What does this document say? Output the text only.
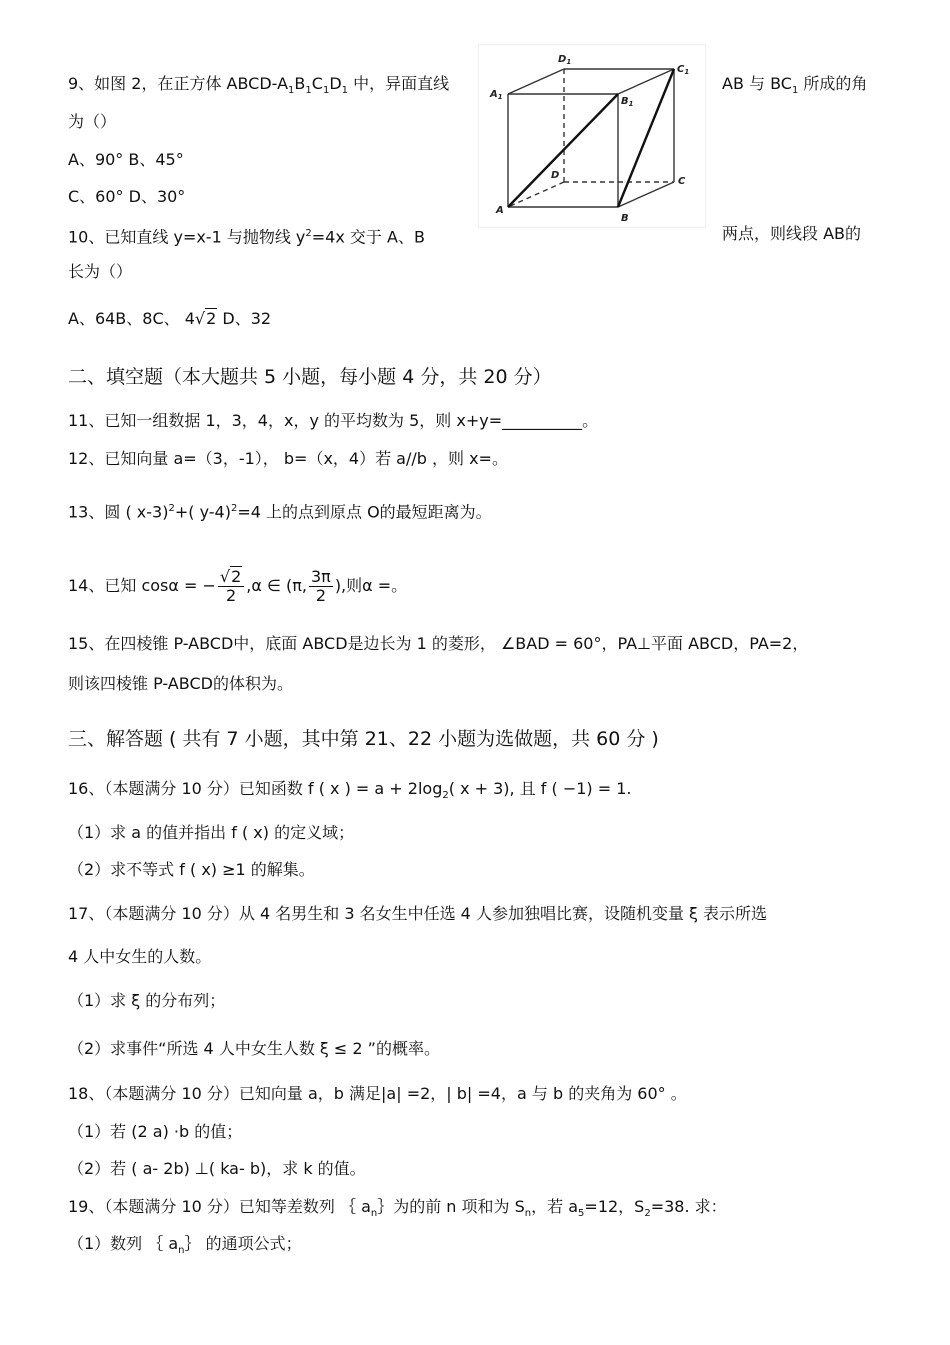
9、如图 2，在正方体 ABCD-$A_1B_1C_1D_1$ 中，异面直线	AB 与 $BC_1$ 所成的角
为（）
A、90° B、45°
C、60° D、30°
$D_1$
$C_1$
$A_1$	$B_1$
D
C
A
B
10、已知直线 y=x-1 与抛物线 $y^2=4x$ 交于 A、B	两点，则线段 AB的
长为（）
A、64B、8C、 4√2 D、32
二、填空题（本大题共 5 小题，每小题 4 分，共 20 分）
11、已知一组数据 1，3，4，x，y 的平均数为 5，则 x+y=__________。
12、已知向量 a=（3，-1）， b=（x，4）若 a//b ，则 x=。
13、圆 ( x-3)$^2$+( y-4)$^2$=4 上的点到原点 O的最短距离为。
14、已知 cosα = − $\frac{√2}{2} ,\alpha$ ∈ (π, $\frac{3\pi}{2}$ ),则α =。
15、在四棱锥 P-ABCD中，底面 ABCD是边长为 1 的菱形， ∠BAD = 60°，PA⊥平面 ABCD，PA=2，
则该四棱锥 P-ABCD的体积为。
三、解答题 ( 共有 7 小题，其中第 21、22 小题为选做题，共 60 分 )
16、（本题满分 10 分）已知函数 f ( x ) = $a + 2\log_2$( x + 3), 且 f ( −1) = 1.
（1）求 a 的值并指出 f ( x) 的定义域；
（2）求不等式 f ( x) ≥1 的解集。
17、（本题满分 10 分）从 4 名男生和 3 名女生中任选 4 人参加独唱比赛，设随机变量 ξ 表示所选
4 人中女生的人数。
（1）求 ξ 的分布列；
（2）求事件“所选 4 人中女生人数 ξ ≤ 2 ”的概率。
18、（本题满分 10 分）已知向量 a，b 满足|a| =2，| b| =4，a 与 b 的夹角为 60° 。
（1）若 (2 a) ·b 的值；
（2）若 ( a- 2b) ⊥( ka- b)，求 k 的值。
19、（本题满分 10 分）已知等差数列 ｛ $a_n\}$为的前 n 项和为 $S_n$，若 $a_5=12$，$S_2=38$. 求：
（1）数列 ｛ $a_n\}$ 的通项公式；
